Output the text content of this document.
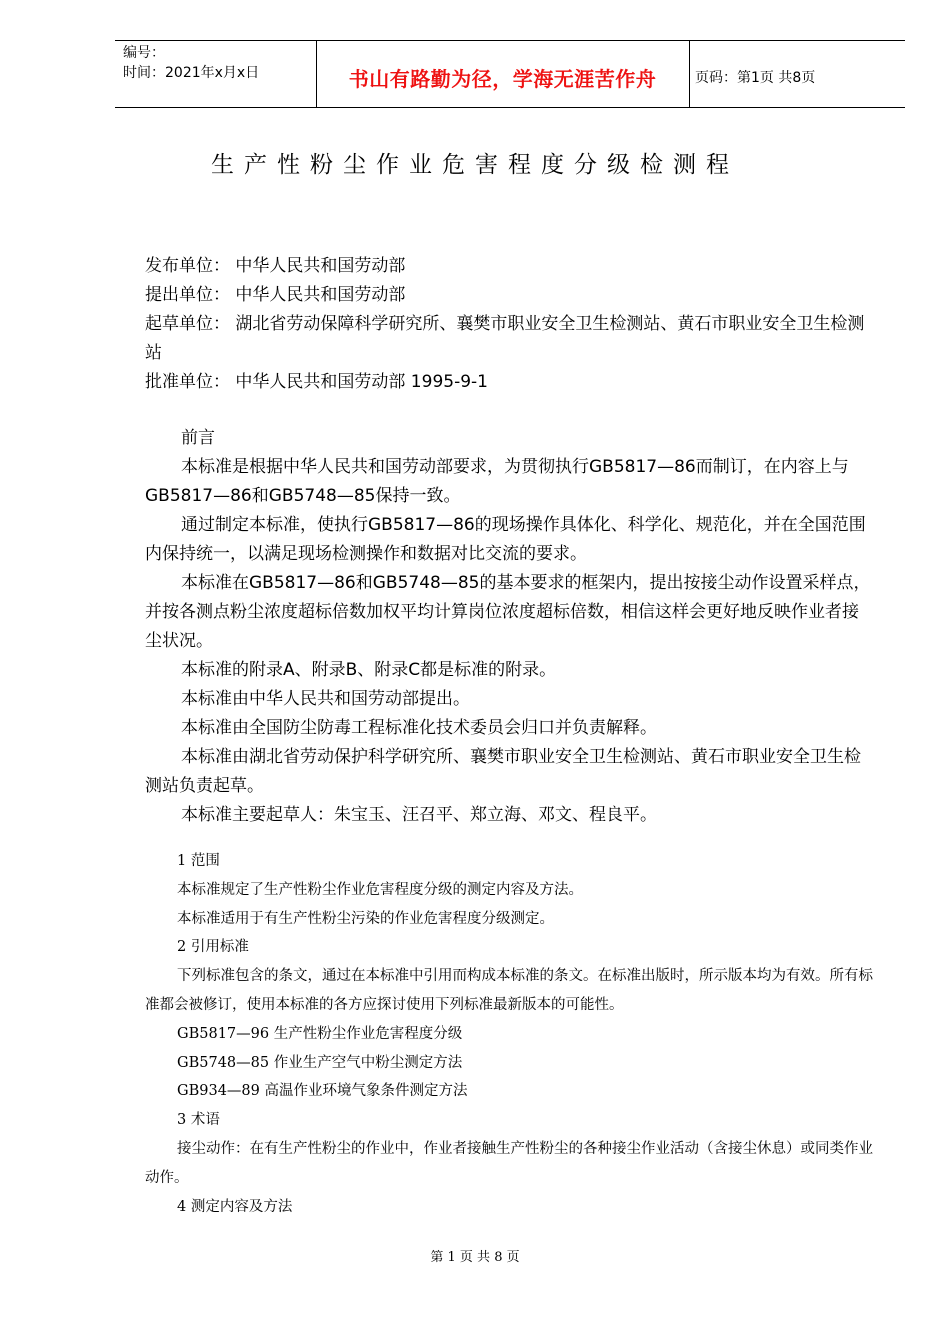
编号：
时间：2021年x月x日	书山有路勤为径，学海无涯苦作舟	页码：第1页 共8页
生产性粉尘作业危害程度分级检测程

发布单位： 中华人民共和国劳动部

提出单位： 中华人民共和国劳动部

起草单位： 湖北省劳动保障科学研究所、襄樊市职业安全卫生检测站、黄石市职业安全卫生检测站

批准单位： 中华人民共和国劳动部 1995-9-1

前言

本标准是根据中华人民共和国劳动部要求，为贯彻执行GB5817—86而制订，在内容上与GB5817—86和GB5748—85保持一致。

通过制定本标准，使执行GB5817—86的现场操作具体化、科学化、规范化，并在全国范围内保持统一，以满足现场检测操作和数据对比交流的要求。

本标准在GB5817—86和GB5748—85的基本要求的框架内，提出按接尘动作设置采样点，并按各测点粉尘浓度超标倍数加权平均计算岗位浓度超标倍数，相信这样会更好地反映作业者接尘状况。

本标准的附录A、附录B、附录C都是标准的附录。

本标准由中华人民共和国劳动部提出。

本标准由全国防尘防毒工程标准化技术委员会归口并负责解释。

本标准由湖北省劳动保护科学研究所、襄樊市职业安全卫生检测站、黄石市职业安全卫生检测站负责起草。

本标准主要起草人：朱宝玉、汪召平、郑立海、邓文、程良平。

1 范围

本标准规定了生产性粉尘作业危害程度分级的测定内容及方法。

本标准适用于有生产性粉尘污染的作业危害程度分级测定。

2 引用标准

下列标准包含的条文，通过在本标准中引用而构成本标准的条文。在标准出版时，所示版本均为有效。所有标准都会被修订，使用本标准的各方应探讨使用下列标准最新版本的可能性。

GB5817—96 生产性粉尘作业危害程度分级

GB5748—85 作业生产空气中粉尘测定方法

GB934—89 高温作业环境气象条件测定方法

3 术语

接尘动作：在有生产性粉尘的作业中，作业者接触生产性粉尘的各种接尘作业活动（含接尘休息）或同类作业动作。

4 测定内容及方法

第 1 页 共 8 页
